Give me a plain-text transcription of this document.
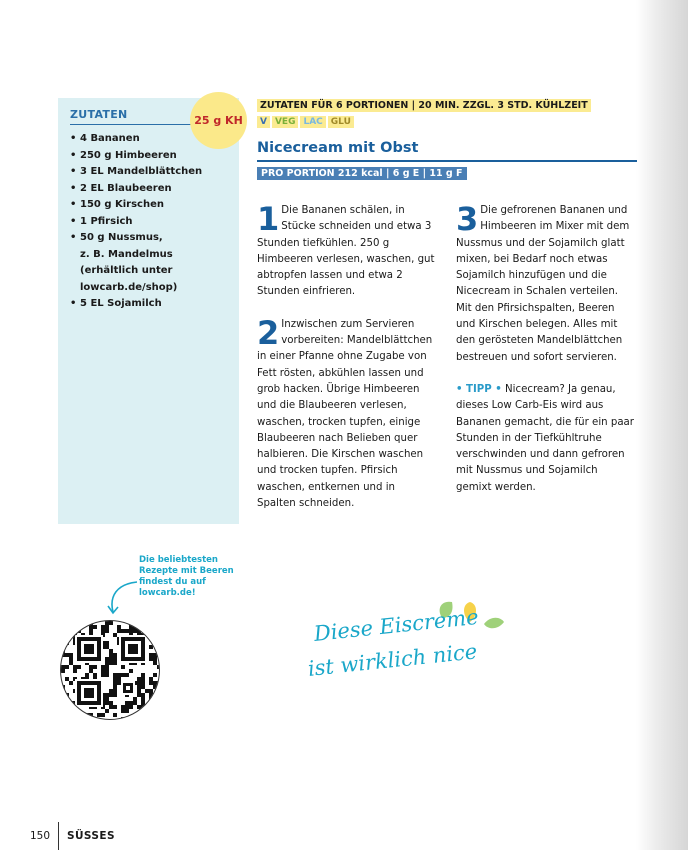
ZUTATEN
• 4 Bananen
• 250 g Himbeeren
• 3 EL Mandelblättchen
• 2 EL Blaubeeren
• 150 g Kirschen
• 1 Pfirsich
• 50 g Nussmus,
z. B. Mandelmus
(erhältlich unter
lowcarb.de/shop)
• 5 EL Sojamilch
25 g KH
ZUTATEN FÜR 6 PORTIONEN | 20 MIN. ZZGL. 3 STD. KÜHLZEIT
V VEG LAC GLU
Nicecream mit Obst
PRO PORTION 212 kcal | 6 g E | 11 g F
1 Die Bananen schälen, in Stücke schneiden und etwa 3 Stunden tiefkühlen. 250 g Himbeeren verlesen, waschen, gut abtropfen lassen und etwa 2 Stunden einfrieren.
2 Inzwischen zum Servieren vorbereiten: Mandelblättchen in einer Pfanne ohne Zugabe von Fett rösten, abkühlen lassen und grob hacken. Übrige Himbeeren und die Blaubeeren verlesen, waschen, trocken tupfen, einige Blaubeeren nach Belieben quer halbieren. Die Kirschen waschen und trocken tupfen. Pfirsich waschen, entkernen und in Spalten schneiden.
3 Die gefrorenen Bananen und Himbeeren im Mixer mit dem Nussmus und der Sojamilch glatt mixen, bei Bedarf noch etwas Sojamilch hinzufügen und die Nicecream in Schalen verteilen. Mit den Pfirsichspalten, Beeren und Kirschen belegen. Alles mit den gerösteten Mandelblättchen bestreuen und sofort servieren.
• TIPP • Nicecream? Ja genau, dieses Low Carb-Eis wird aus Bananen gemacht, die für ein paar Stunden in der Tiefkühltruhe verschwinden und dann gefroren mit Nussmus und Sojamilch gemixt werden.
Die beliebtesten Rezepte mit Beeren findest du auf lowcarb.de!
Diese Eiscreme
ist wirklich nice
150	SÜSSES
